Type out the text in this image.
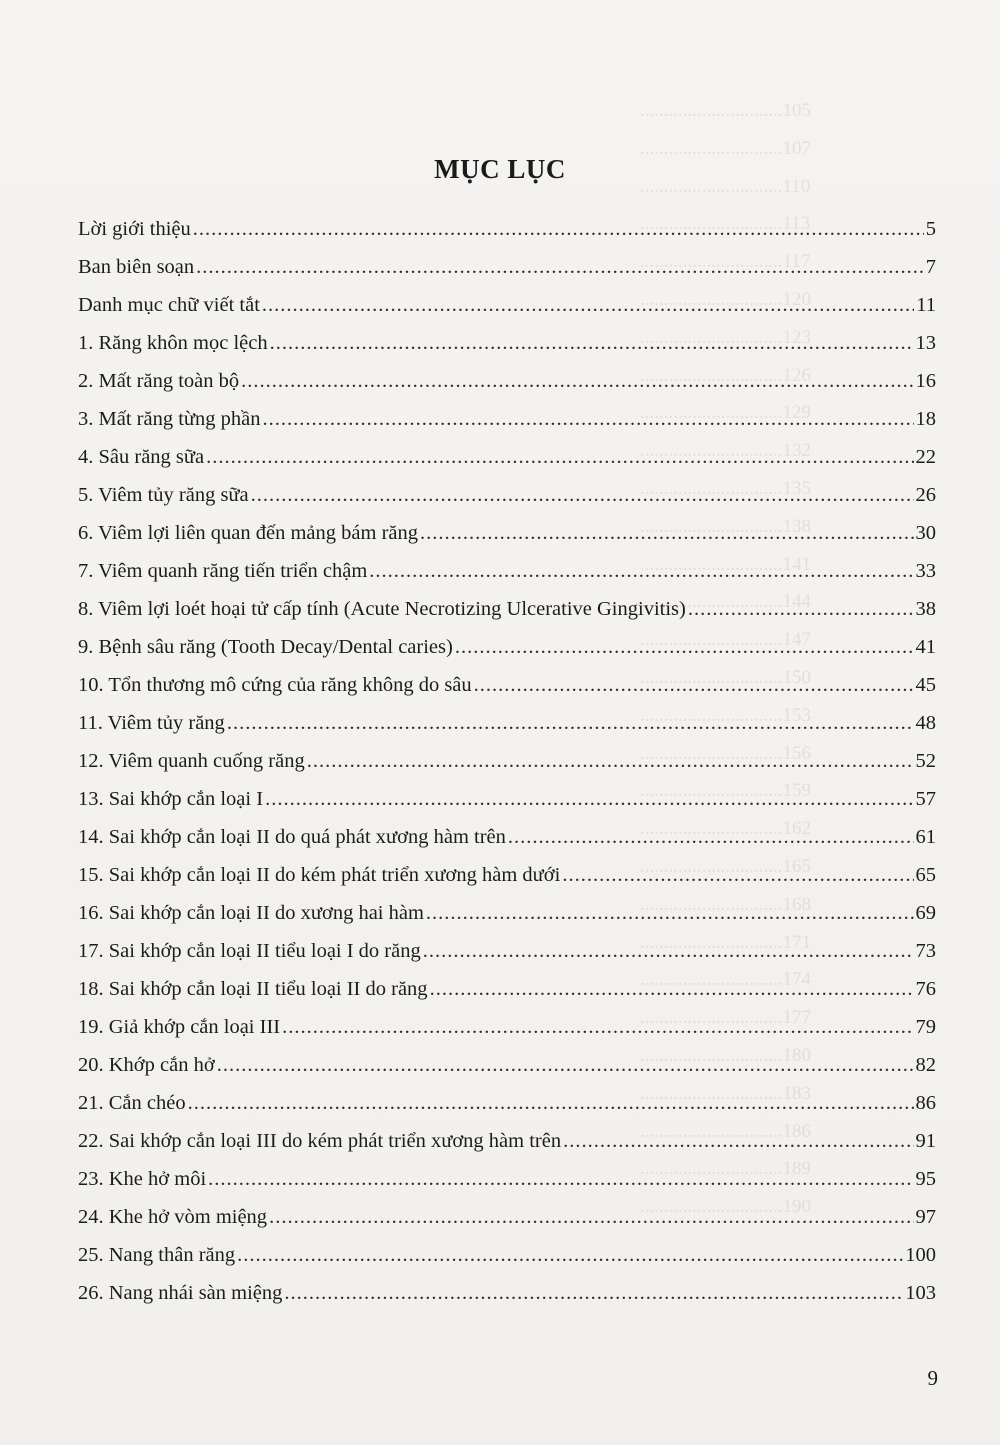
..............................105
..............................107
..............................110
..............................113
..............................117
..............................120
..............................123
..............................126
..............................129
..............................132
..............................135
..............................138
..............................141
..............................144
..............................147
..............................150
..............................153
..............................156
..............................159
..............................162
..............................165
..............................168
..............................171
..............................174
..............................177
..............................180
..............................183
..............................186
..............................189
..............................190
MỤC LỤC
Lời giới thiệu .....	5
Ban biên soạn .....	7
Danh mục chữ viết tắt .....	11
1. Răng khôn mọc lệch .....	13
2. Mất răng toàn bộ .....	16
3. Mất răng từng phần .....	18
4. Sâu răng sữa .....	22
5. Viêm tủy răng sữa .....	26
6. Viêm lợi liên quan đến mảng bám răng .....	30
7. Viêm quanh răng tiến triển chậm .....	33
8. Viêm lợi loét hoại tử cấp tính (Acute Necrotizing Ulcerative Gingivitis) .....	38
9. Bệnh sâu răng (Tooth Decay/Dental caries) .....	41
10. Tổn thương mô cứng của răng không do sâu .....	45
11. Viêm tủy răng .....	48
12. Viêm quanh cuống răng .....	52
13. Sai khớp cắn loại I .....	57
14. Sai khớp cắn loại II do quá phát xương hàm trên .....	61
15. Sai khớp cắn loại II do kém phát triển xương hàm dưới .....	65
16. Sai khớp cắn loại II do xương hai hàm .....	69
17. Sai khớp cắn loại II tiểu loại I do răng .....	73
18. Sai khớp cắn loại II tiểu loại II do răng .....	76
19. Giả khớp cắn loại III .....	79
20. Khớp cắn hở .....	82
21. Cắn chéo .....	86
22. Sai khớp cắn loại III do kém phát triển xương hàm trên .....	91
23. Khe hở môi .....	95
24. Khe hở vòm miệng .....	97
25. Nang thân răng .....	100
26. Nang nhái sàn miệng .....	103
9
